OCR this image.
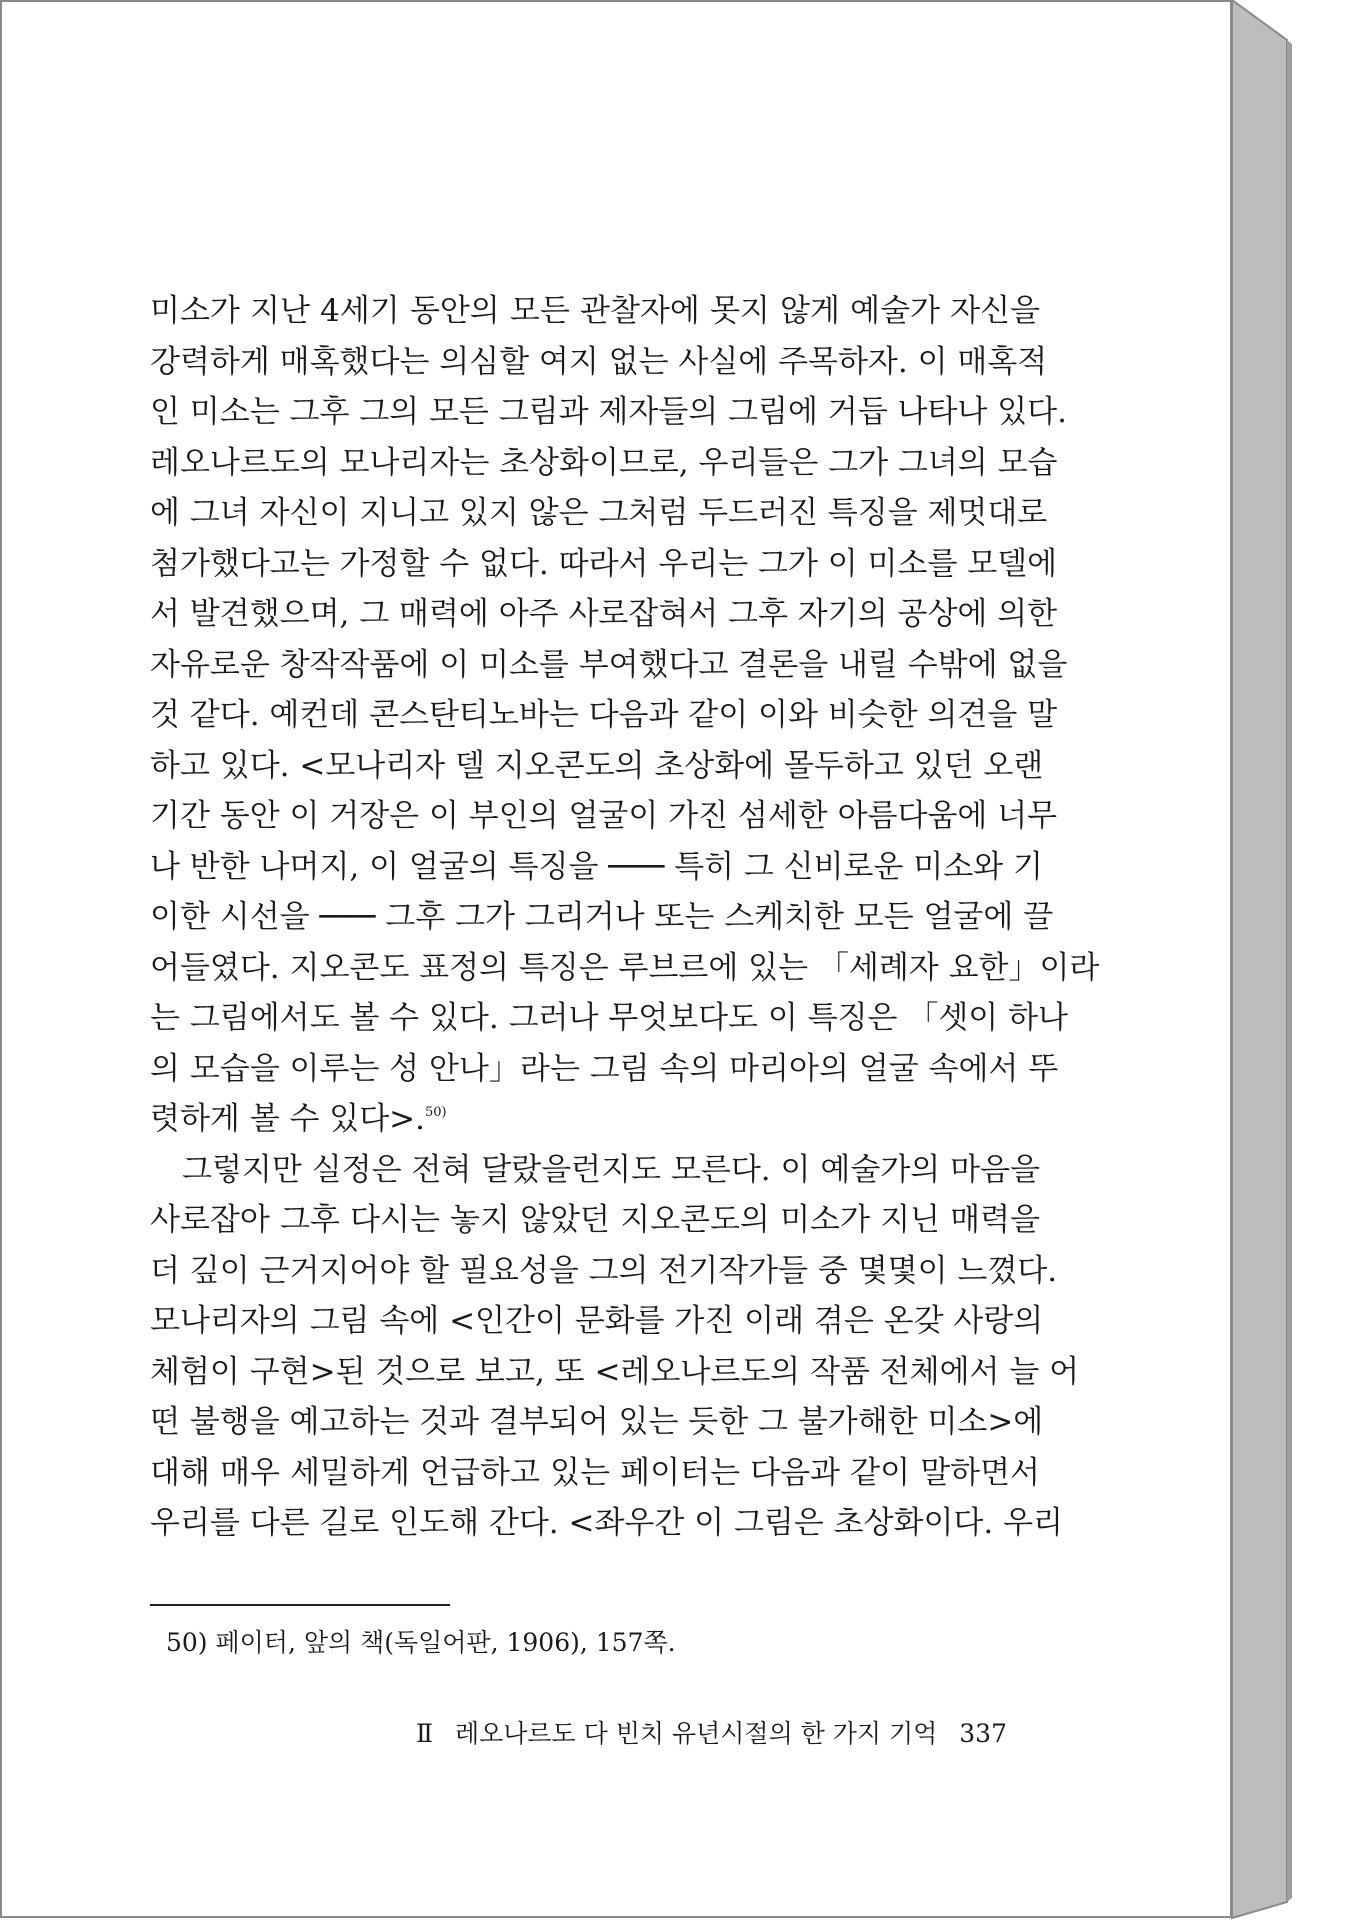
미소가 지난 4세기 동안의 모든 관찰자에 못지 않게 예술가 자신을
강력하게 매혹했다는 의심할 여지 없는 사실에 주목하자. 이 매혹적
인 미소는 그후 그의 모든 그림과 제자들의 그림에 거듭 나타나 있다.
레오나르도의 모나리자는 초상화이므로, 우리들은 그가 그녀의 모습
에 그녀 자신이 지니고 있지 않은 그처럼 두드러진 특징을 제멋대로
첨가했다고는 가정할 수 없다. 따라서 우리는 그가 이 미소를 모델에
서 발견했으며, 그 매력에 아주 사로잡혀서 그후 자기의 공상에 의한
자유로운 창작작품에 이 미소를 부여했다고 결론을 내릴 수밖에 없을
것 같다. 예컨데 콘스탄티노바는 다음과 같이 이와 비슷한 의견을 말
하고 있다. <모나리자 델 지오콘도의 초상화에 몰두하고 있던 오랜
기간 동안 이 거장은 이 부인의 얼굴이 가진 섬세한 아름다움에 너무
나 반한 나머지, 이 얼굴의 특징을 ─── 특히 그 신비로운 미소와 기
이한 시선을 ─── 그후 그가 그리거나 또는 스케치한 모든 얼굴에 끌
어들였다. 지오콘도 표정의 특징은 루브르에 있는 「세례자 요한」이라
는 그림에서도 볼 수 있다. 그러나 무엇보다도 이 특징은 「셋이 하나
의 모습을 이루는 성 안나」라는 그림 속의 마리아의 얼굴 속에서 뚜
렷하게 볼 수 있다>.$^{50)}$
그렇지만 실정은 전혀 달랐을런지도 모른다. 이 예술가의 마음을
사로잡아 그후 다시는 놓지 않았던 지오콘도의 미소가 지닌 매력을
더 깊이 근거지어야 할 필요성을 그의 전기작가들 중 몇몇이 느꼈다.
모나리자의 그림 속에 <인간이 문화를 가진 이래 겪은 온갖 사랑의
체험이 구현>된 것으로 보고, 또 <레오나르도의 작품 전체에서 늘 어
떤 불행을 예고하는 것과 결부되어 있는 듯한 그 불가해한 미소>에
대해 매우 세밀하게 언급하고 있는 페이터는 다음과 같이 말하면서
우리를 다른 길로 인도해 간다. <좌우간 이 그림은 초상화이다. 우리
50) 페이터, 앞의 책(독일어판, 1906), 157쪽.
Ⅱ 레오나르도 다 빈치 유년시절의 한 가지 기억 337
